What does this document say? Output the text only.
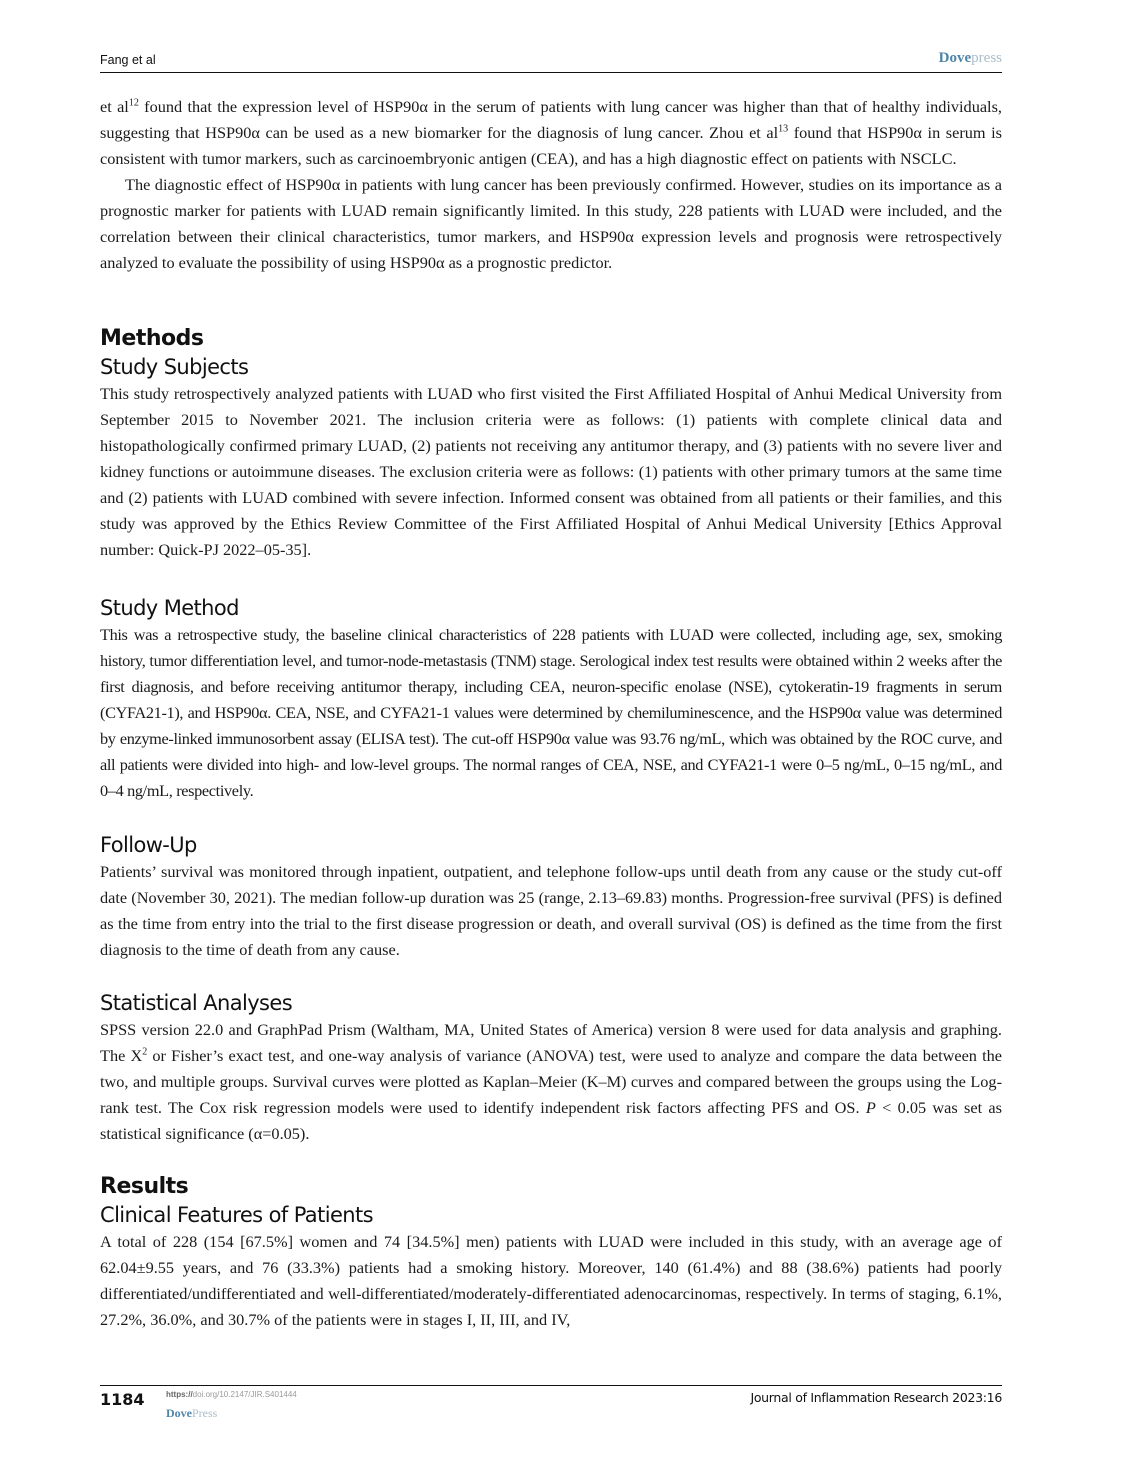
Fang et al	Dovepress

et $al^{12}$ found that the expression level of HSP90α in the serum of patients with lung cancer was higher than that of healthy individuals, suggesting that HSP90α can be used as a new biomarker for the diagnosis of lung cancer. Zhou et $al^{13}$ found that HSP90α in serum is consistent with tumor markers, such as carcinoembryonic antigen (CEA), and has a high diagnostic effect on patients with NSCLC.

The diagnostic effect of HSP90α in patients with lung cancer has been previously confirmed. However, studies on its importance as a prognostic marker for patients with LUAD remain significantly limited. In this study, 228 patients with LUAD were included, and the correlation between their clinical characteristics, tumor markers, and HSP90α expression levels and prognosis were retrospectively analyzed to evaluate the possibility of using HSP90α as a prognostic predictor.

Methods
Study Subjects

This study retrospectively analyzed patients with LUAD who first visited the First Affiliated Hospital of Anhui Medical University from September 2015 to November 2021. The inclusion criteria were as follows: (1) patients with complete clinical data and histopathologically confirmed primary LUAD, (2) patients not receiving any antitumor therapy, and (3) patients with no severe liver and kidney functions or autoimmune diseases. The exclusion criteria were as follows: (1) patients with other primary tumors at the same time and (2) patients with LUAD combined with severe infection. Informed consent was obtained from all patients or their families, and this study was approved by the Ethics Review Committee of the First Affiliated Hospital of Anhui Medical University [Ethics Approval number: Quick-PJ 2022–05-35].

Study Method

This was a retrospective study, the baseline clinical characteristics of 228 patients with LUAD were collected, including age, sex, smoking history, tumor differentiation level, and tumor-node-metastasis (TNM) stage. Serological index test results were obtained within 2 weeks after the first diagnosis, and before receiving antitumor therapy, including CEA, neuron-specific enolase (NSE), cytokeratin-19 fragments in serum (CYFA21-1), and HSP90α. CEA, NSE, and CYFA21-1 values were determined by chemiluminescence, and the HSP90α value was determined by enzyme-linked immunosorbent assay (ELISA test). The cut-off HSP90α value was 93.76 ng/mL, which was obtained by the ROC curve, and all patients were divided into high- and low-level groups. The normal ranges of CEA, NSE, and CYFA21-1 were 0–5 ng/mL, 0–15 ng/mL, and 0–4 ng/mL, respectively.

Follow-Up

Patients’ survival was monitored through inpatient, outpatient, and telephone follow-ups until death from any cause or the study cut-off date (November 30, 2021). The median follow-up duration was 25 (range, 2.13–69.83) months. Progression-free survival (PFS) is defined as the time from entry into the trial to the first disease progression or death, and overall survival (OS) is defined as the time from the first diagnosis to the time of death from any cause.

Statistical Analyses

SPSS version 22.0 and GraphPad Prism (Waltham, MA, United States of America) version 8 were used for data analysis and graphing. The $X^2$ or Fisher’s exact test, and one-way analysis of variance (ANOVA) test, were used to analyze and compare the data between the two, and multiple groups. Survival curves were plotted as Kaplan–Meier (K–M) curves and compared between the groups using the Log-rank test. The Cox risk regression models were used to identify independent risk factors affecting PFS and OS. P < 0.05 was set as statistical significance (α=0.05).

Results
Clinical Features of Patients

A total of 228 (154 [67.5%] women and 74 [34.5%] men) patients with LUAD were included in this study, with an average age of 62.04±9.55 years, and 76 (33.3%) patients had a smoking history. Moreover, 140 (61.4%) and 88 (38.6%) patients had poorly differentiated/undifferentiated and well-differentiated/moderately-differentiated adenocarcinomas, respectively. In terms of staging, 6.1%, 27.2%, 36.0%, and 30.7% of the patients were in stages I, II, III, and IV,

1184	https://doi.org/10.2147/JIR.S401444
DovePress
Journal of Inflammation Research 2023:16
